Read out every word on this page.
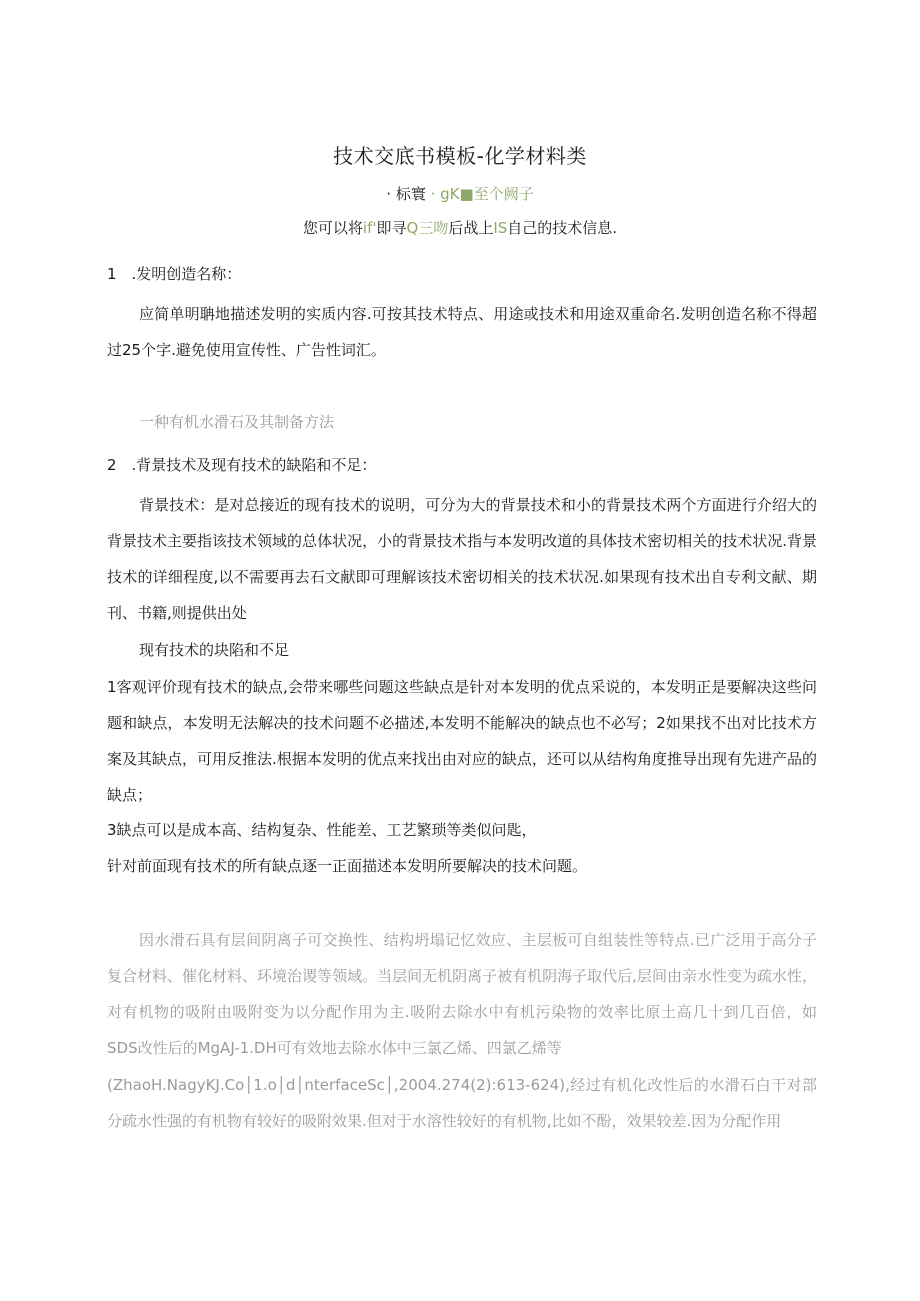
技术交底书模板-化学材料类
· 标寰 · gK■至个阙子
您可以将if'即寻Q三吻后战上IS自己的技术信息.
1　.发明创造名称：
应简单明聃地描述发明的实质内容.可按其技术特点、用途或技术和用途双重命名.发明创造名称不得超过25个字.避免使用宣传性、广告性词汇。
一种有机水滑石及其制备方法
2　.背景技术及现有技术的缺陷和不足：
背景技术：是对总接近的现有技术的说明，可分为大的背景技术和小的背景技术两个方面进行介绍大的背景技术主要指该技术领域的总体状况，小的背景技术指与本发明改道的具体技术密切相关的技术状况.背景技术的详细程度,以不需要再去石文献即可理解该技术密切相关的技术状况.如果现有技术出自专利文献、期刊、书籍,则提供出处
现有技术的块陷和不足
1客观评价现有技术的缺点,会带来哪些问题这些缺点是针对本发明的优点采说的，本发明正是要解决这些问题和缺点，本发明无法解决的技术问题不必描述,本发明不能解决的缺点也不必写；2如果找不出对比技术方案及其缺点，可用反推法.根据本发明的优点来找出由对应的缺点，还可以从结构角度推导出现有先进产品的缺点；
3缺点可以是成本高、结构复杂、性能差、工艺繁琐等类似问匙，
针对前面现有技术的所有缺点逐一正面描述本发明所要解决的技术问题。
因水滑石具有层间阴离子可交换性、结构坍塌记忆效应、主层板可自组装性等特点.已广泛用于高分子复合材料、催化材料、环境治谡等领域。当层间无机阴离子被有机阴海子取代后,层间由亲水性变为疏水性，对有机物的吸附由吸附变为以分配作用为主.吸附去除水中有机污染物的效率比原土高几十到几百倍，如SDS改性后的MgAJ-1.DH可有效地去除水体中三氯乙烯、四氯乙烯等
(ZhaoH.NagyKJ.Co│1.o│d│nterfaceSc│,2004.274(2):613-624),经过有机化改性后的水滑石白干对部分疏水性强的有机物有较好的吸附效果.但对于水溶性较好的有机物,比如不酚，效果较差.因为分配作用
